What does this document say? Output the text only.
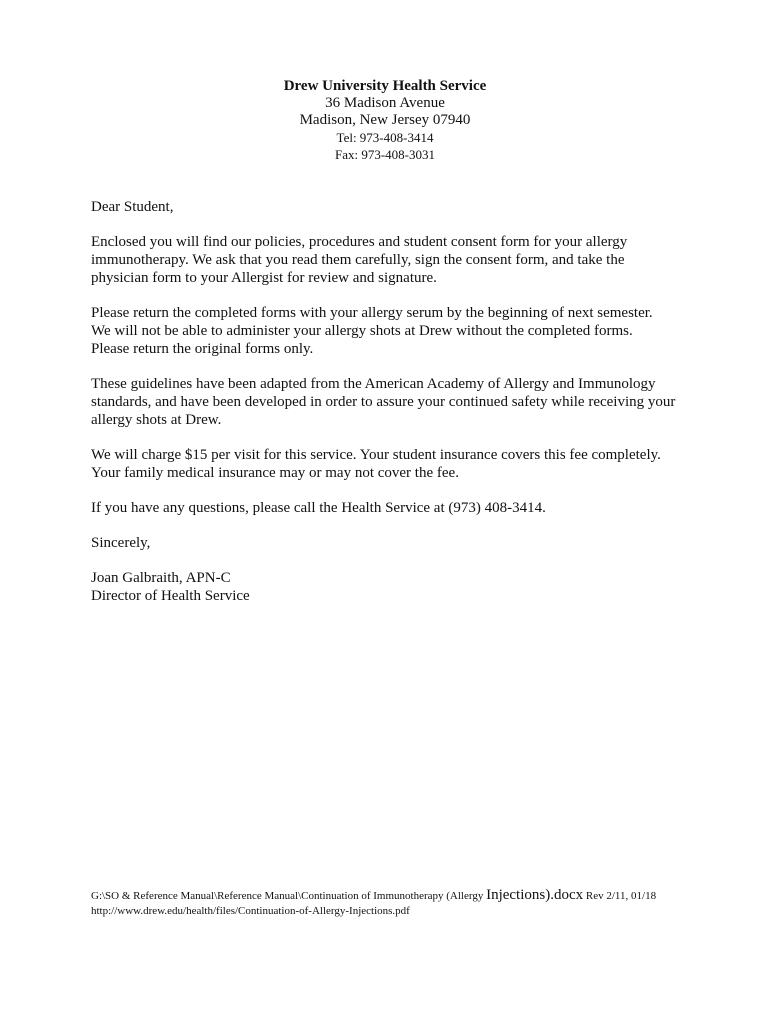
Drew University Health Service
36 Madison Avenue
Madison, New Jersey 07940
Tel: 973-408-3414
Fax: 973-408-3031

Dear Student,

Enclosed you will find our policies, procedures and student consent form for your allergy
immunotherapy. We ask that you read them carefully, sign the consent form, and take the
physician form to your Allergist for review and signature.

Please return the completed forms with your allergy serum by the beginning of next semester.
We will not be able to administer your allergy shots at Drew without the completed forms.
Please return the original forms only.

These guidelines have been adapted from the American Academy of Allergy and Immunology
standards, and have been developed in order to assure your continued safety while receiving your
allergy shots at Drew.

We will charge $15 per visit for this service. Your student insurance covers this fee completely.
Your family medical insurance may or may not cover the fee.

If you have any questions, please call the Health Service at (973) 408-3414.

Sincerely,

Joan Galbraith, APN-C
Director of Health Service

G:\SO & Reference Manual\Reference Manual\Continuation of Immunotherapy (Allergy Injections).docx Rev 2/11, 01/18
http://www.drew.edu/health/files/Continuation-of-Allergy-Injections.pdf
